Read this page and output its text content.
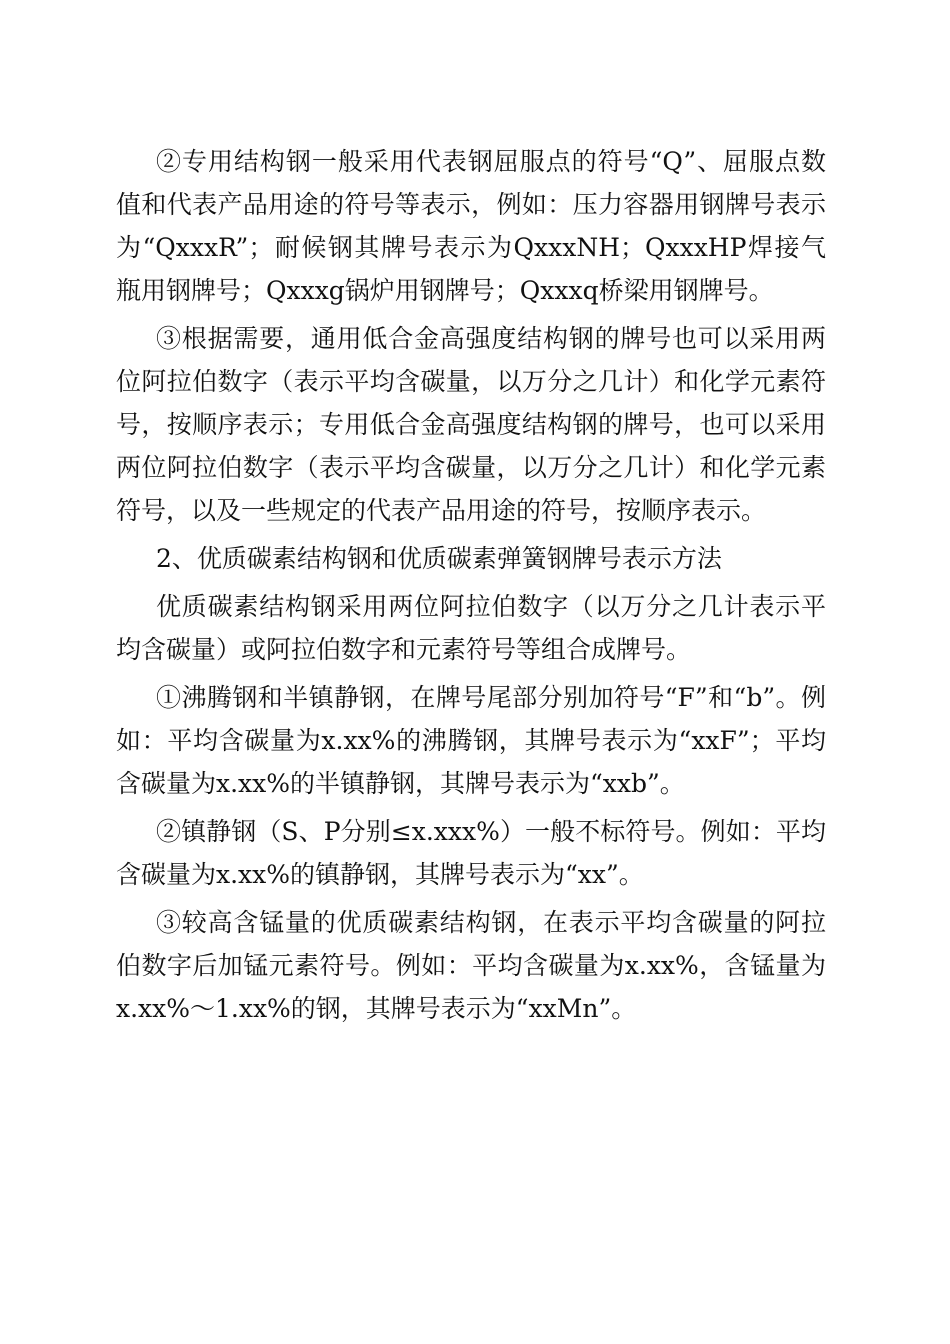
②专用结构钢一般采用代表钢屈服点的符号“Q”、屈服点数值和代表产品用途的符号等表示，例如：压力容器用钢牌号表示为“QxxxR”；耐候钢其牌号表示为QxxxNH；QxxxHP焊接气瓶用钢牌号；Qxxxg锅炉用钢牌号；Qxxxq桥梁用钢牌号。

③根据需要，通用低合金高强度结构钢的牌号也可以采用两位阿拉伯数字（表示平均含碳量，以万分之几计）和化学元素符号，按顺序表示；专用低合金高强度结构钢的牌号，也可以采用两位阿拉伯数字（表示平均含碳量，以万分之几计）和化学元素符号，以及一些规定的代表产品用途的符号，按顺序表示。

2、优质碳素结构钢和优质碳素弹簧钢牌号表示方法

优质碳素结构钢采用两位阿拉伯数字（以万分之几计表示平均含碳量）或阿拉伯数字和元素符号等组合成牌号。

①沸腾钢和半镇静钢，在牌号尾部分别加符号“F”和“b”。例如：平均含碳量为x.xx%的沸腾钢，其牌号表示为“xxF”；平均含碳量为x.xx%的半镇静钢，其牌号表示为“xxb”。

②镇静钢（S、P分别≤x.xxx%）一般不标符号。例如：平均含碳量为x.xx%的镇静钢，其牌号表示为“xx”。

③较高含锰量的优质碳素结构钢，在表示平均含碳量的阿拉伯数字后加锰元素符号。例如：平均含碳量为x.xx%，含锰量为x.xx%～1.xx%的钢，其牌号表示为“xxMn”。
